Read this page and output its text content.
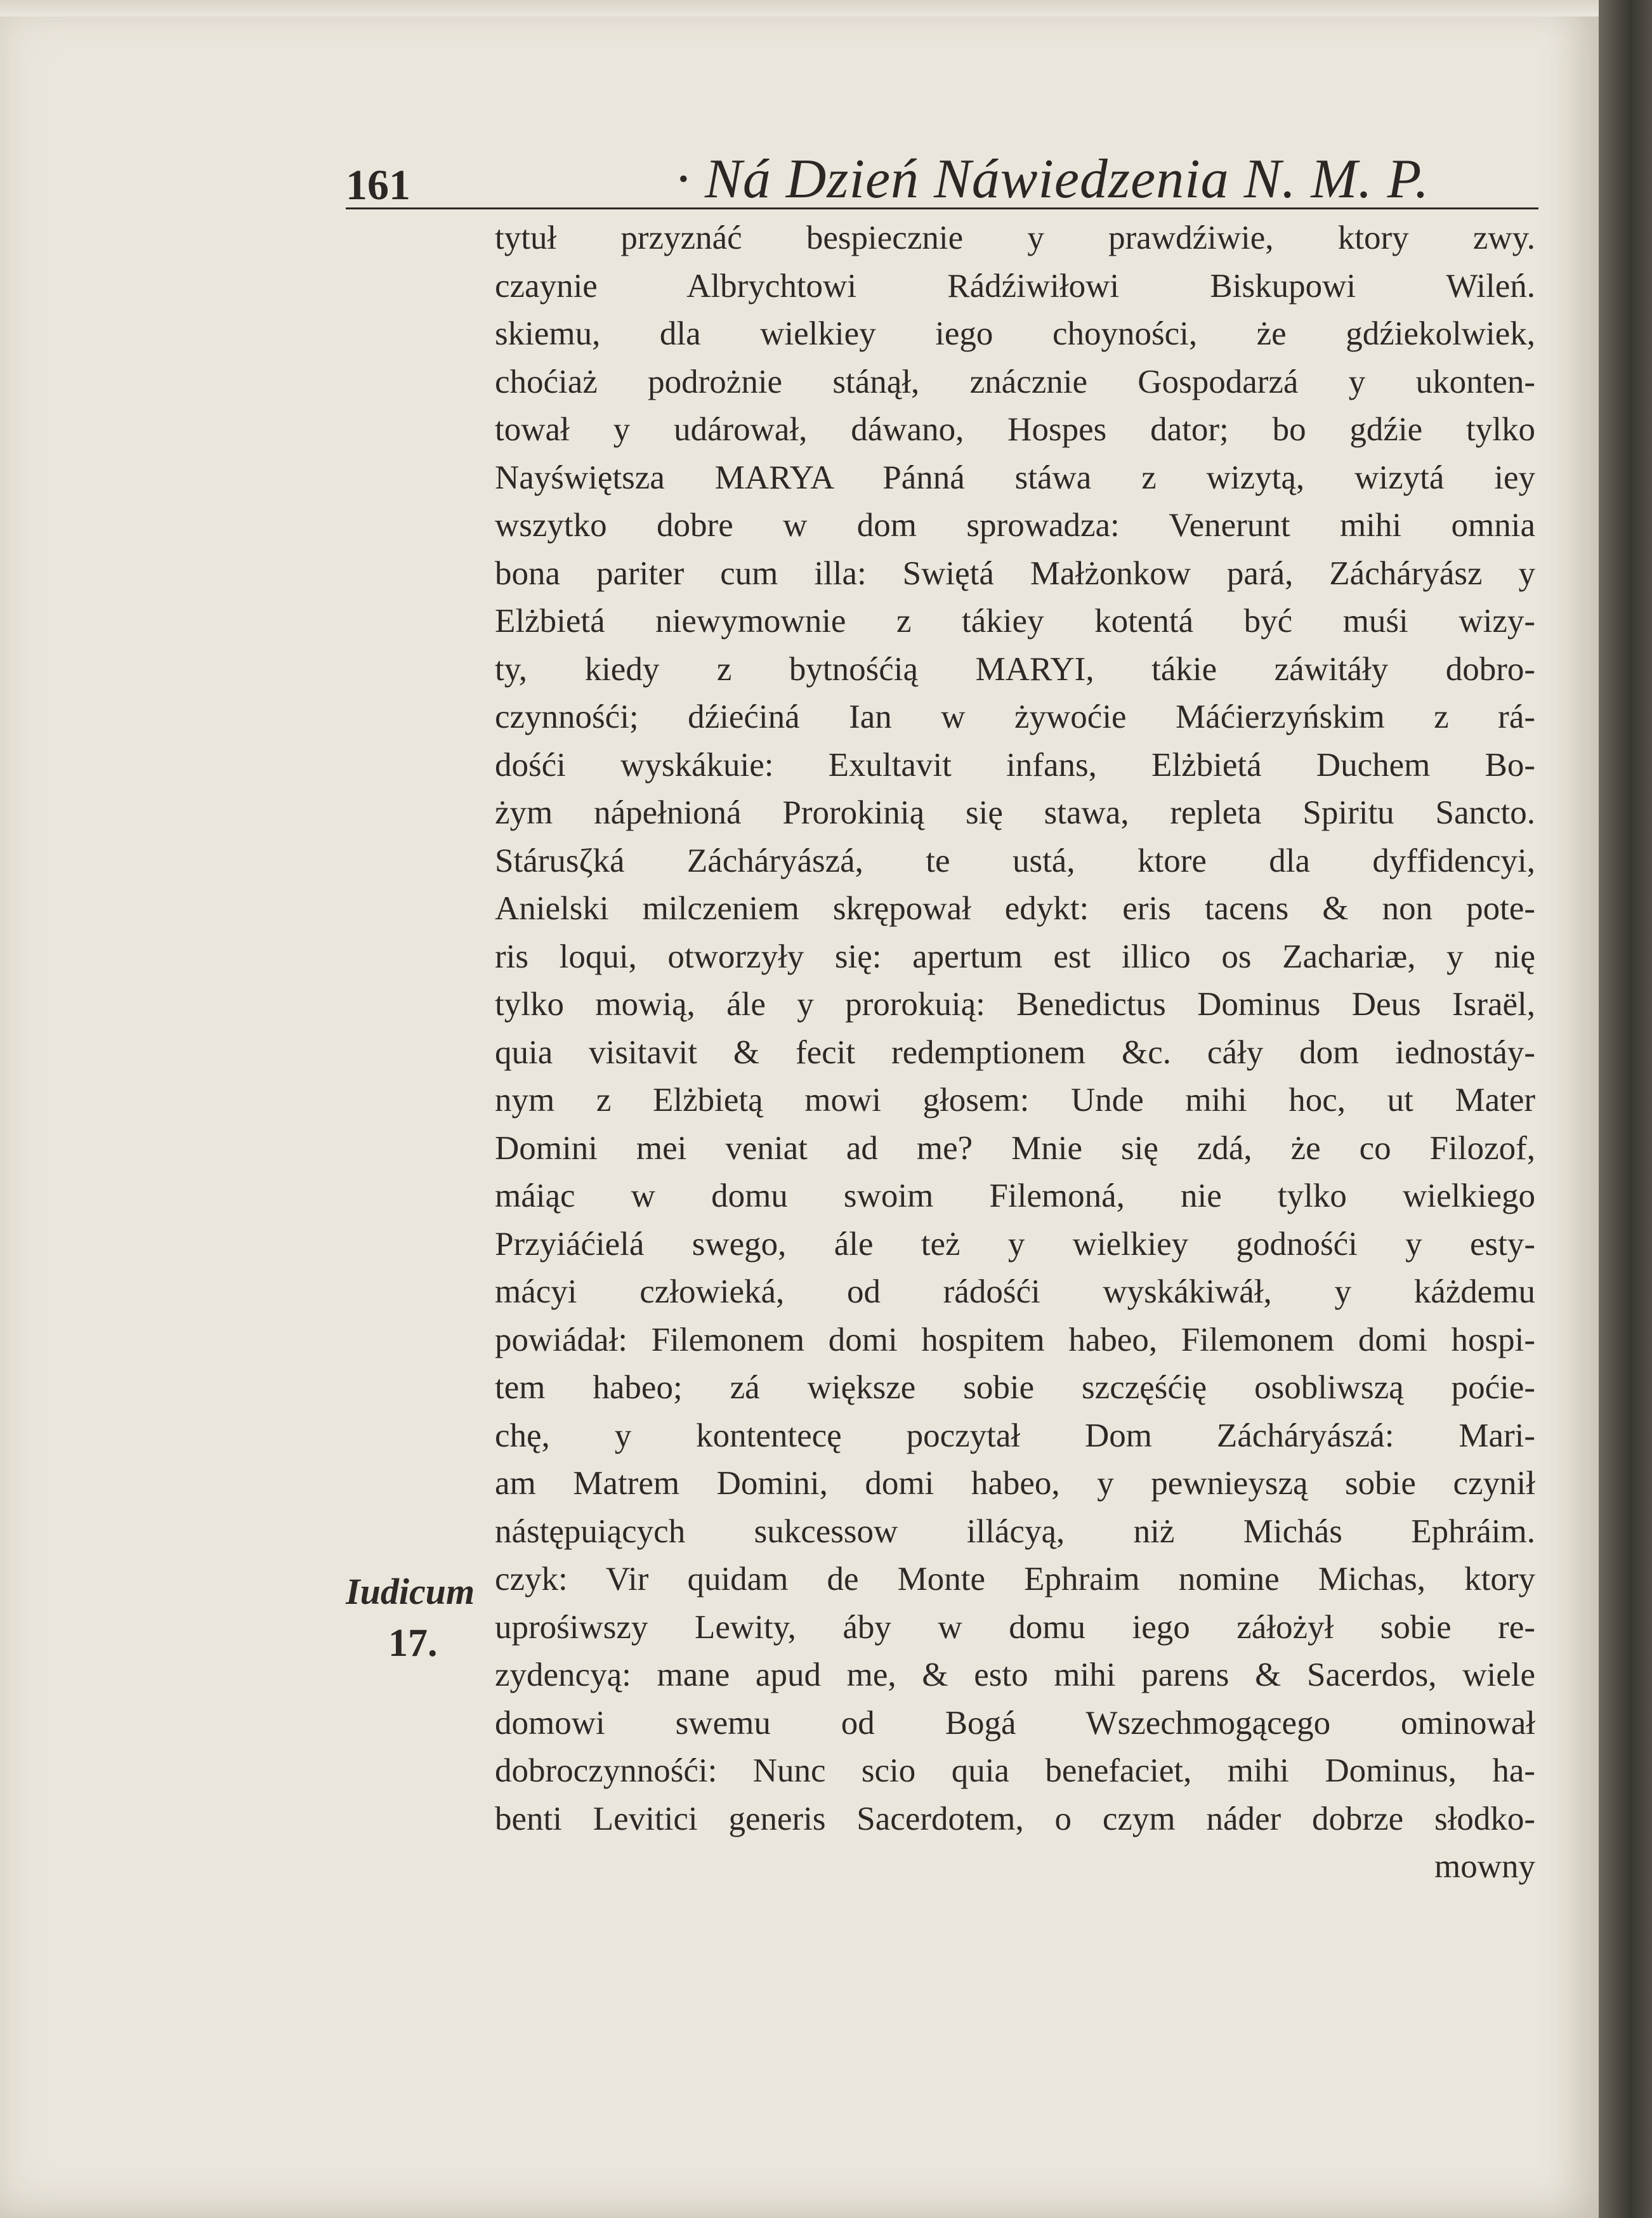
161	· Ná Dzień Náwiedzenia N. M. P.
tytuł przyznáć bespiecznie y prawdźiwie, ktory zwy.
czaynie Albrychtowi Rádźiwiłowi Biskupowi Wileń.
skiemu, dla wielkiey iego choyności, że gdźiekolwiek,
choćiaż podrożnie stánął, znácznie Gospodarzá y ukonten-
tował y udárował, dáwano, Hospes dator; bo gdźie tylko
Nayświętsza MARYA Pánná stáwa z wizytą, wizytá iey
wszytko dobre w dom sprowadza: Venerunt mihi omnia
bona pariter cum illa: Swiętá Małżonkow pará, Zácháryász y
Elżbietá niewymownie z tákiey kotentá być muśi wizy-
ty, kiedy z bytnośćią MARYI, tákie záwitáły dobro-
czynnośći; dźiećiná Ian w żywoćie Máćierzyńskim z rá-
dośći wyskákuie: Exultavit infans, Elżbietá Duchem Bo-
żym nápełnioná Prorokinią się stawa, repleta Spiritu Sancto.
Stárusζká Zácháryászá, te ustá, ktore dla dyffidencyi,
Anielski milczeniem skrępował edykt: eris tacens & non pote-
ris loqui, otworzyły się: apertum est illico os Zachariæ, y nię
tylko mowią, ále y prorokuią: Benedictus Dominus Deus Israël,
quia visitavit & fecit redemptionem &c. cáły dom iednostáy-
nym z Elżbietą mowi głosem: Unde mihi hoc, ut Mater
Domini mei veniat ad me? Mnie się zdá, że co Filozof,
máiąc w domu swoim Filemoná, nie tylko wielkiego
Przyiáćielá swego, ále też y wielkiey godnośći y esty-
mácyi człowieká, od rádośći wyskákiwáł, y káżdemu
powiádał: Filemonem domi hospitem habeo, Filemonem domi hospi-
tem habeo; zá większe sobie szczęśćię osobliwszą poćie-
chę, y kontentecę poczytał Dom Zácháryászá: Mari-
am Matrem Domini, domi habeo, y pewnieyszą sobie czynił
nástępuiących sukcessow illácyą, niż Michás Ephráim.
czyk: Vir quidam de Monte Ephraim nomine Michas, ktory
uprośiwszy Lewity, áby w domu iego záłożył sobie re-
zydencyą: mane apud me, & esto mihi parens & Sacerdos, wiele
domowi swemu od Bogá Wszechmogącego ominował
dobroczynnośći: Nunc scio quia benefaciet, mihi Dominus, ha-
benti Levitici generis Sacerdotem, o czym náder dobrze słodko-
mowny
Iudicum
17.
